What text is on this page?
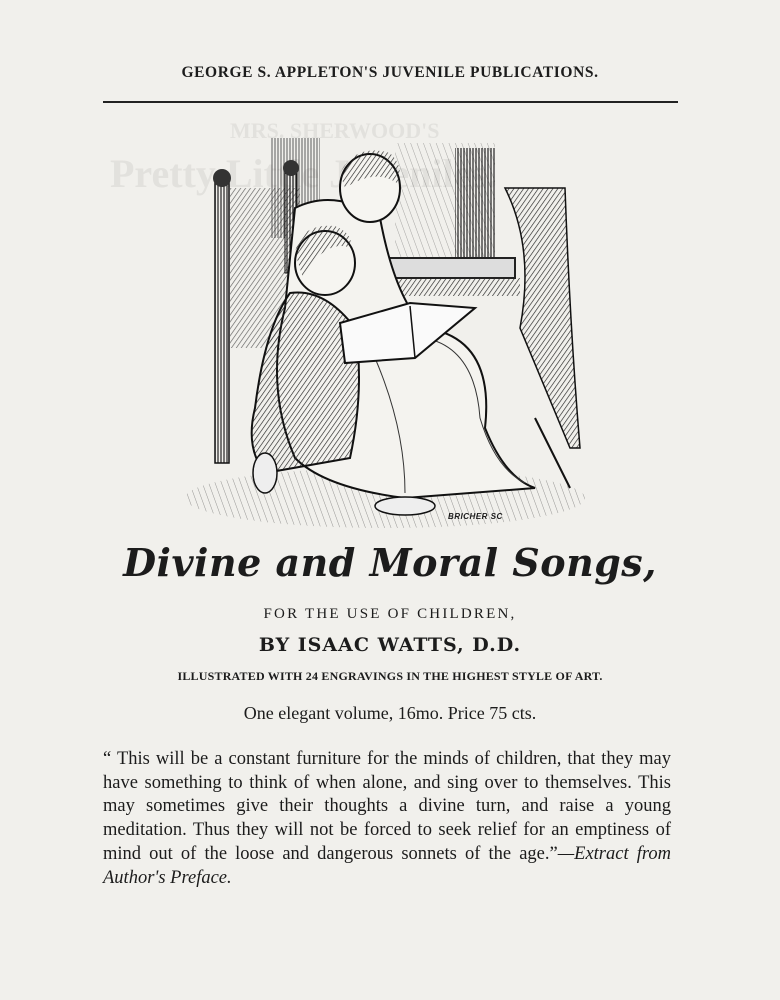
MRS. SHERWOOD'S
Pretty
GEORGE S. APPLETON'S JUVENILE PUBLICATIONS.
BRICHER SC
Divine and Moral Songs,
FOR THE USE OF CHILDREN,
BY ISAAC WATTS, D.D.
ILLUSTRATED WITH 24 ENGRAVINGS IN THE HIGHEST STYLE OF ART.
One elegant volume, 16mo. Price 75 cts.
“ This will be a constant furniture for the minds of children, that they may have something to think of when alone, and sing over to themselves. This may sometimes give their thoughts a divine turn, and raise a young meditation. Thus they will not be forced to seek relief for an emptiness of mind out of the loose and dangerous sonnets of the age.”—Extract from Author's Preface.
